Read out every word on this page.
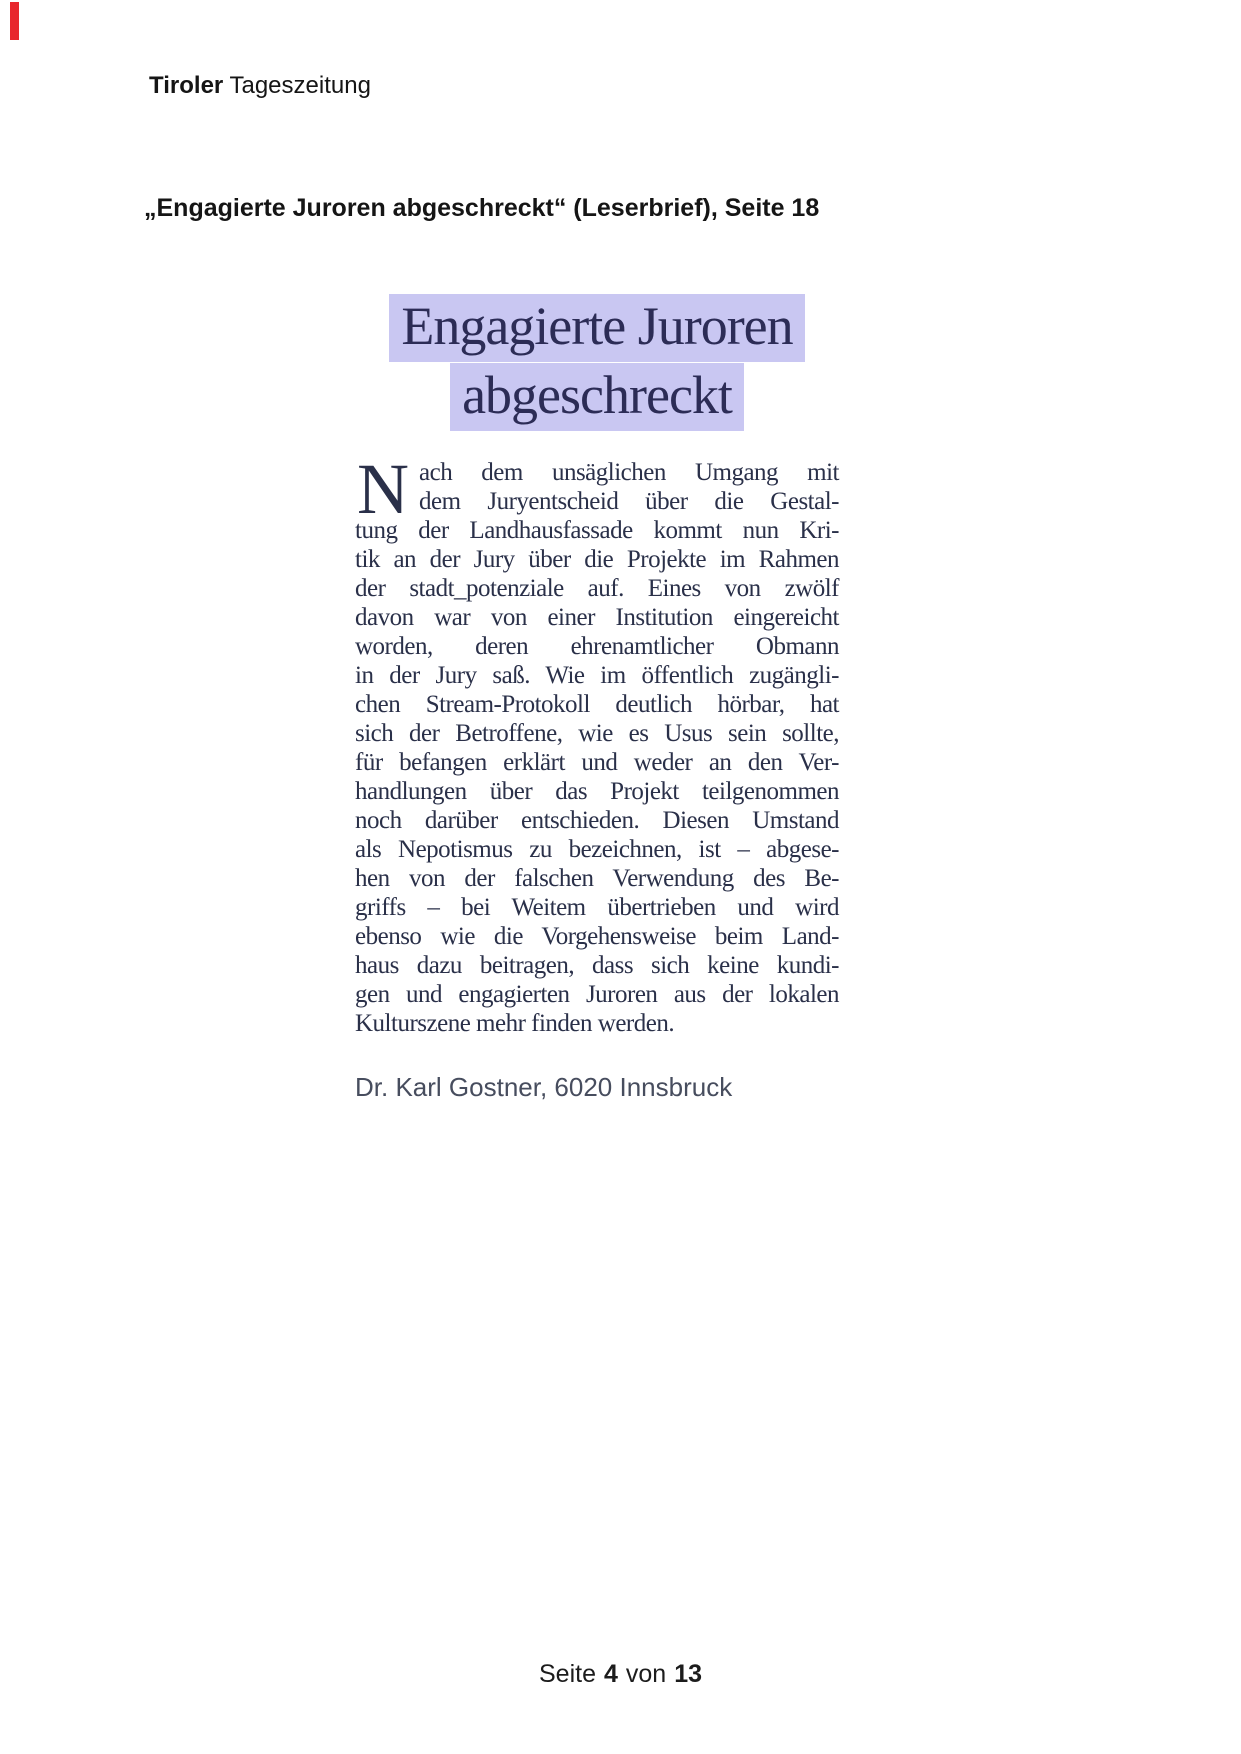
Tiroler Tageszeitung
„Engagierte Juroren abgeschreckt“ (Leserbrief), Seite 18
Engagierte Juroren
abgeschreckt
N ach dem unsäglichen Umgang mit
dem Juryentscheid über die Gestal-
tung der Landhausfassade kommt nun Kri-
tik an der Jury über die Projekte im Rahmen
der stadt_potenziale auf. Eines von zwölf
davon war von einer Institution eingereicht
worden, deren ehrenamtlicher Obmann
in der Jury saß. Wie im öffentlich zugängli-
chen Stream-Protokoll deutlich hörbar, hat
sich der Betroffene, wie es Usus sein sollte,
für befangen erklärt und weder an den Ver-
handlungen über das Projekt teilgenommen
noch darüber entschieden. Diesen Umstand
als Nepotismus zu bezeichnen, ist – abgese-
hen von der falschen Verwendung des Be-
griffs – bei Weitem übertrieben und wird
ebenso wie die Vorgehensweise beim Land-
haus dazu beitragen, dass sich keine kundi-
gen und engagierten Juroren aus der lokalen
Kulturszene mehr finden werden.
Dr. Karl Gostner, 6020 Innsbruck
Seite 4 von 13
